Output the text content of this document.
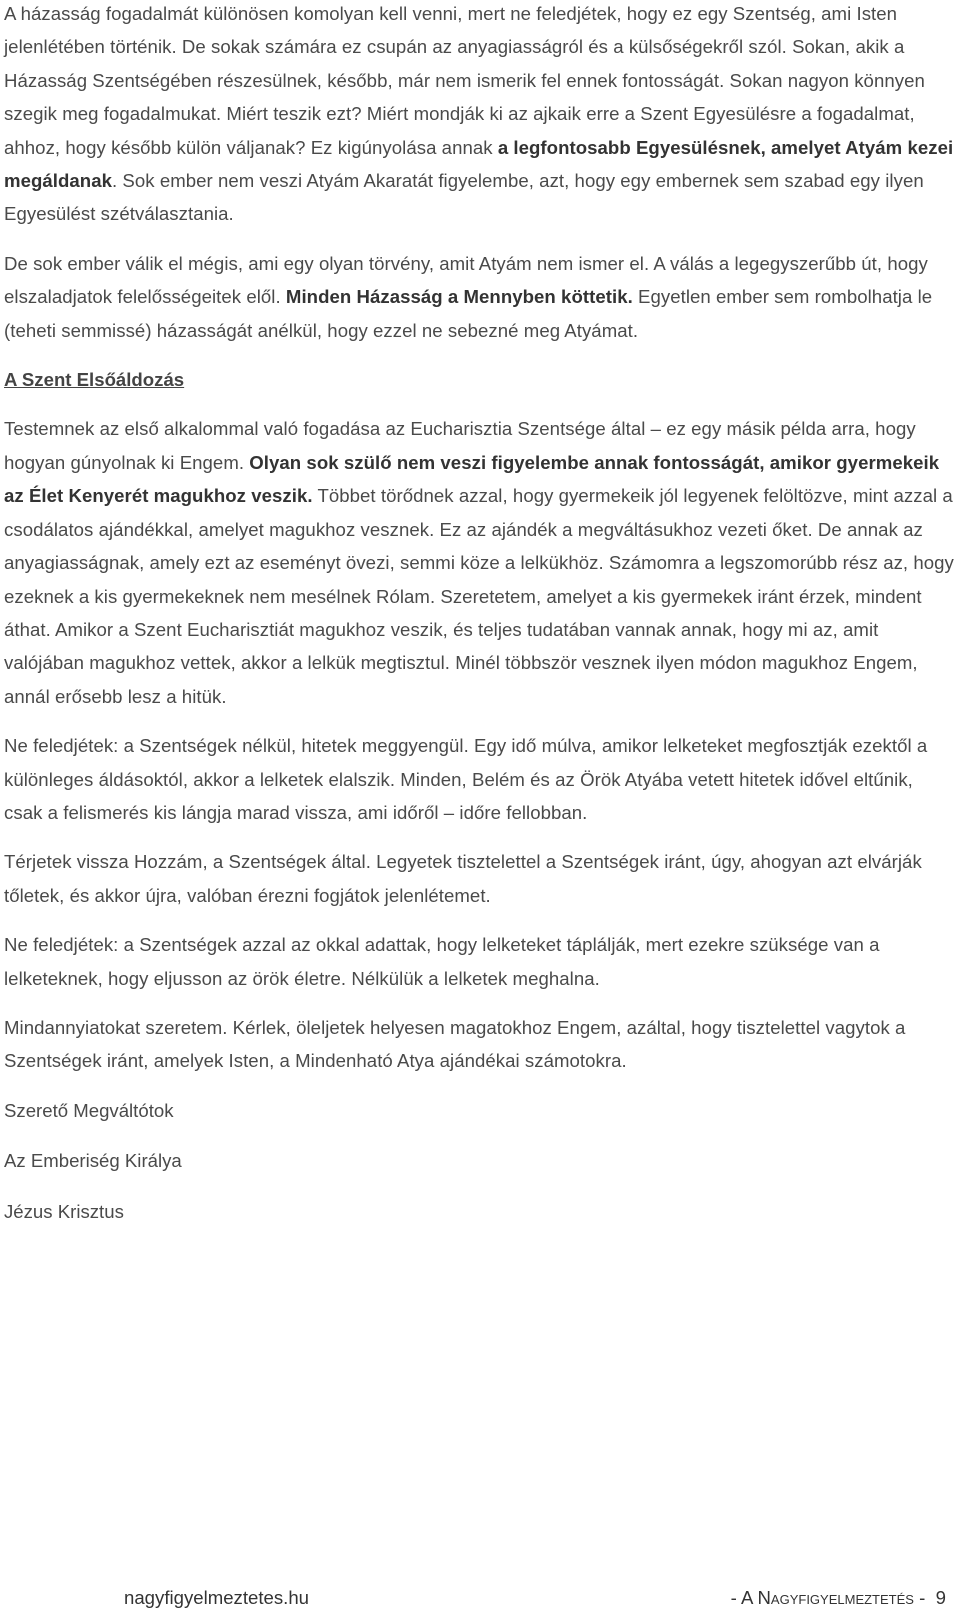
A házasság fogadalmát különösen komolyan kell venni, mert ne feledjétek, hogy ez egy Szentség, ami Isten jelenlétében történik. De sokak számára ez csupán az anyagiasságról és a külsőségekről szól. Sokan, akik a Házasság Szentségében részesülnek, később, már nem ismerik fel ennek fontosságát. Sokan nagyon könnyen szegik meg fogadalmukat. Miért teszik ezt? Miért mondják ki az ajkaik erre a Szent Egyesülésre a fogadalmat, ahhoz, hogy később külön váljanak? Ez kigúnyolása annak a legfontosabb Egyesülésnek, amelyet Atyám kezei megáldanak. Sok ember nem veszi Atyám Akaratát figyelembe, azt, hogy egy embernek sem szabad egy ilyen Egyesülést szétválasztania.

De sok ember válik el mégis, ami egy olyan törvény, amit Atyám nem ismer el. A válás a legegyszerűbb út, hogy elszaladjatok felelősségeitek elől. Minden Házasság a Mennyben köttetik. Egyetlen ember sem rombolhatja le (teheti semmissé) házasságát anélkül, hogy ezzel ne sebezné meg Atyámat.

A Szent Elsőáldozás

Testemnek az első alkalommal való fogadása az Eucharisztia Szentsége által – ez egy másik példa arra, hogy hogyan gúnyolnak ki Engem. Olyan sok szülő nem veszi figyelembe annak fontosságát, amikor gyermekeik az Élet Kenyerét magukhoz veszik. Többet törődnek azzal, hogy gyermekeik jól legyenek felöltözve, mint azzal a csodálatos ajándékkal, amelyet magukhoz vesznek. Ez az ajándék a megváltásukhoz vezeti őket. De annak az anyagiasságnak, amely ezt az eseményt övezi, semmi köze a lelkükhöz. Számomra a legszomorúbb rész az, hogy ezeknek a kis gyermekeknek nem mesélnek Rólam. Szeretetem, amelyet a kis gyermekek iránt érzek, mindent áthat. Amikor a Szent Eucharisztiát magukhoz veszik, és teljes tudatában vannak annak, hogy mi az, amit valójában magukhoz vettek, akkor a lelkük megtisztul. Minél többször vesznek ilyen módon magukhoz Engem, annál erősebb lesz a hitük.

Ne feledjétek: a Szentségek nélkül, hitetek meggyengül. Egy idő múlva, amikor lelketeket megfosztják ezektől a különleges áldásoktól, akkor a lelketek elalszik. Minden, Belém és az Örök Atyába vetett hitetek idővel eltűnik, csak a felismerés kis lángja marad vissza, ami időről – időre fellobban.

Térjetek vissza Hozzám, a Szentségek által. Legyetek tisztelettel a Szentségek iránt, úgy, ahogyan azt elvárják tőletek, és akkor újra, valóban érezni fogjátok jelenlétemet.

Ne feledjétek: a Szentségek azzal az okkal adattak, hogy lelketeket táplálják, mert ezekre szüksége van a lelketeknek, hogy eljusson az örök életre. Nélkülük a lelketek meghalna.

Mindannyiatokat szeretem. Kérlek, öleljetek helyesen magatokhoz Engem, azáltal, hogy tisztelettel vagytok a Szentségek iránt, amelyek Isten, a Mindenható Atya ajándékai számotokra.

Szerető Megváltótok
Az Emberiség Királya
Jézus Krisztus
nagyfigyelmeztetes.hu	- A Nagyfigyelmeztetés -  9
